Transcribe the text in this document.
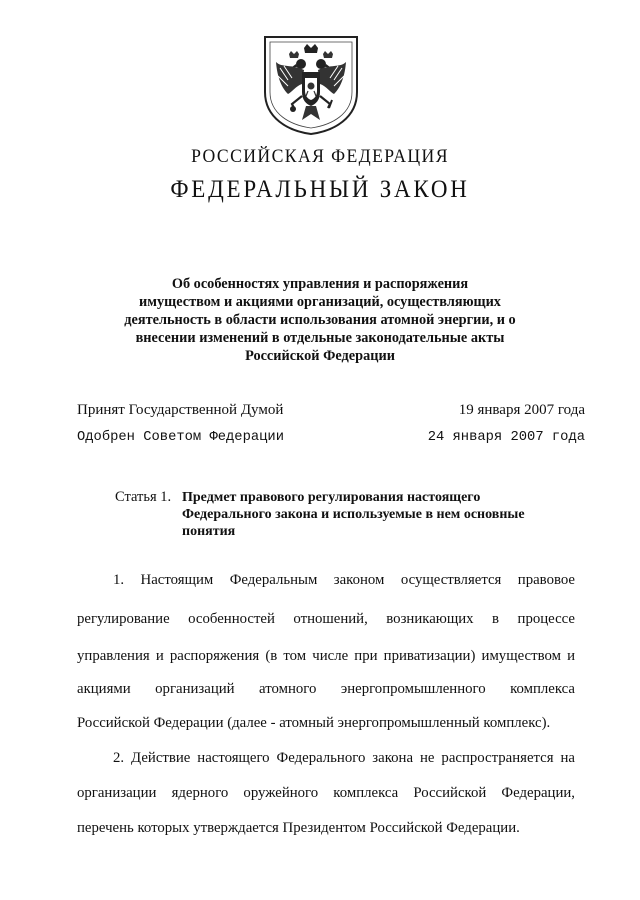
РОССИЙСКАЯ ФЕДЕРАЦИЯ
ФЕДЕРАЛЬНЫЙ ЗАКОН
Об особенностях управления и распоряжения
имуществом и акциями организаций, осуществляющих
деятельность в области использования атомной энергии, и о
внесении изменений в отдельные законодательные акты
Российской Федерации
Принят Государственной Думой	19 января 2007 года
Одобрен Советом Федерации	24 января 2007 года
Статья 1. Предмет правового регулирования настоящего
Федерального закона и используемые в нем основные
понятия
1. Настоящим Федеральным законом осуществляется правовое
регулирование особенностей отношений, возникающих в процессе
управления и распоряжения (в том числе при приватизации) имуществом и
акциями организаций атомного энергопромышленного комплекса
Российской Федерации (далее - атомный энергопромышленный комплекс).
2. Действие настоящего Федерального закона не распространяется на
организации ядерного оружейного комплекса Российской Федерации,
перечень которых утверждается Президентом Российской Федерации.
